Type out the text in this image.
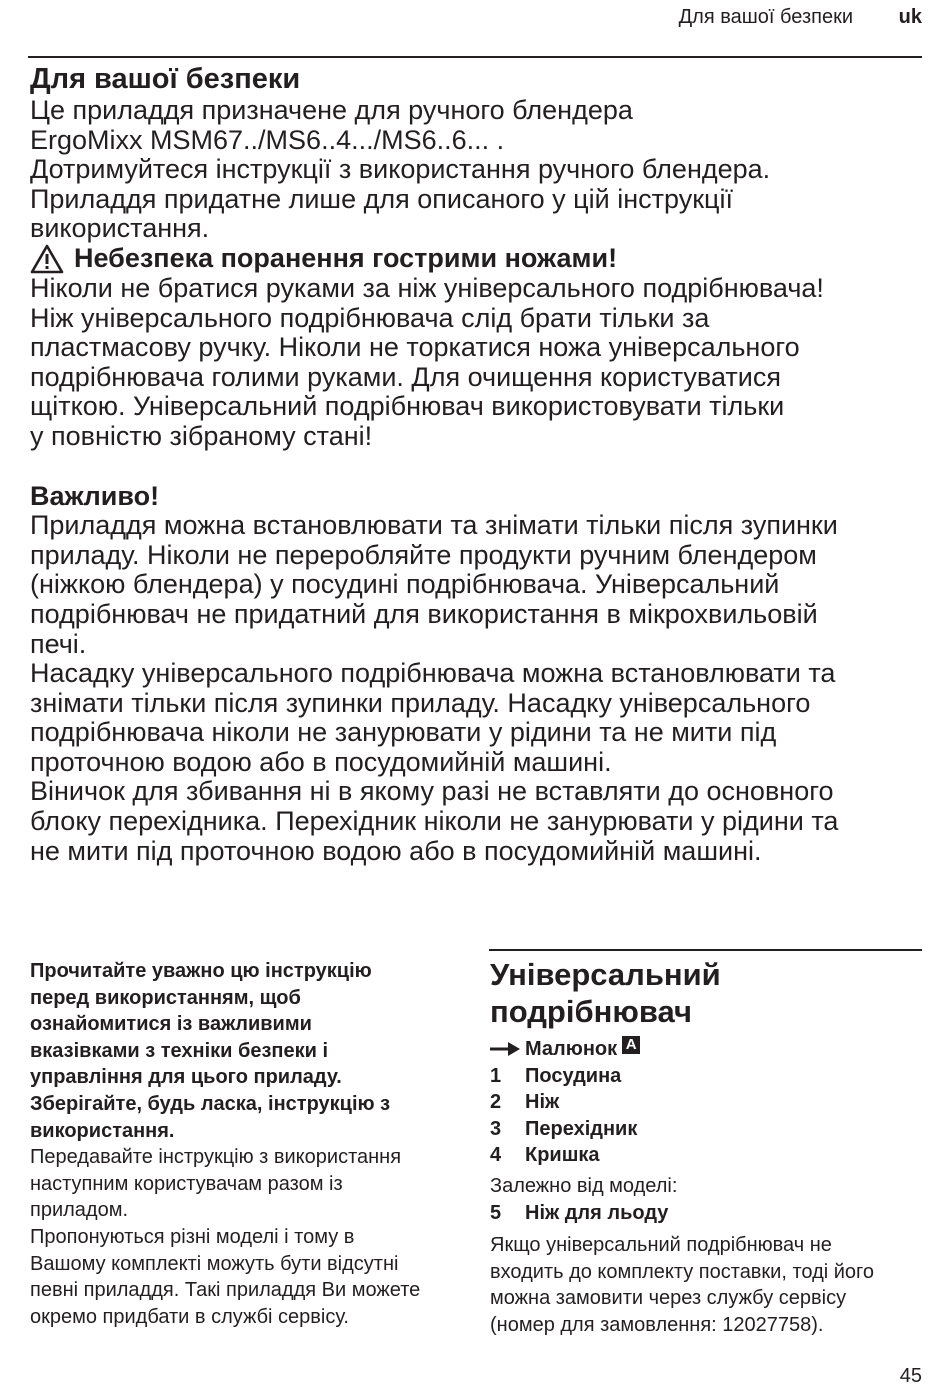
Для вашої безпеки uk
Для вашої безпеки

Це приладдя призначене для ручного блендера

ErgoMixx MSM67../MS6..4.../MS6..6... .

Дотримуйтеся інструкції з використання ручного блендера.

Приладдя придатне лише для описаного у цій інструкції

використання.

Небезпека поранення гострими ножами!

Ніколи не братися руками за ніж універсального подрібнювача!

Ніж універсального подрібнювача слід брати тільки за

пластмасову ручку. Ніколи не торкатися ножа універсального

подрібнювача голими руками. Для очищення користуватися

щіткою. Універсальний подрібнювач використовувати тільки

у повністю зібраному стані!

Важливо!

Приладдя можна встановлювати та знімати тільки після зупинки

приладу. Ніколи не переробляйте продукти ручним блендером

(ніжкою блендера) у посудині подрібнювача. Універсальний

подрібнювач не придатний для використання в мікрохвильовій

печі.

Насадку універсального подрібнювача можна встановлювати та

знімати тільки після зупинки приладу. Насадку універсального

подрібнювача ніколи не занурювати у рідини та не мити під

проточною водою або в посудомийній машині.

Віничок для збивання ні в якому разі не вставляти до основного

блоку перехідника. Перехідник ніколи не занурювати у рідини та

не мити під проточною водою або в посудомийній машині.

Прочитайте уважно цю інструкцію

перед використанням, щоб

ознайомитися із важливими

вказівками з техніки безпеки і

управління для цього приладу.

Зберігайте, будь ласка, інструкцію з

використання.

Передавайте інструкцію з використання

наступним користувачам разом із

приладом.

Пропонуються різні моделі і тому в

Вашому комплекті можуть бути відсутні

певні приладдя. Такі приладдя Ви можете

окремо придбати в службі сервісу.

Універсальний
подрібнювач
Малюнок A
1	Посудина
2	Ніж
3	Перехідник
4	Кришка
Залежно від моделі:
5	Ніж для льоду
Якщо універсальний подрібнювач не
входить до комплекту поставки, тоді його
можна замовити через службу сервісу
(номер для замовлення: 12027758).
45
